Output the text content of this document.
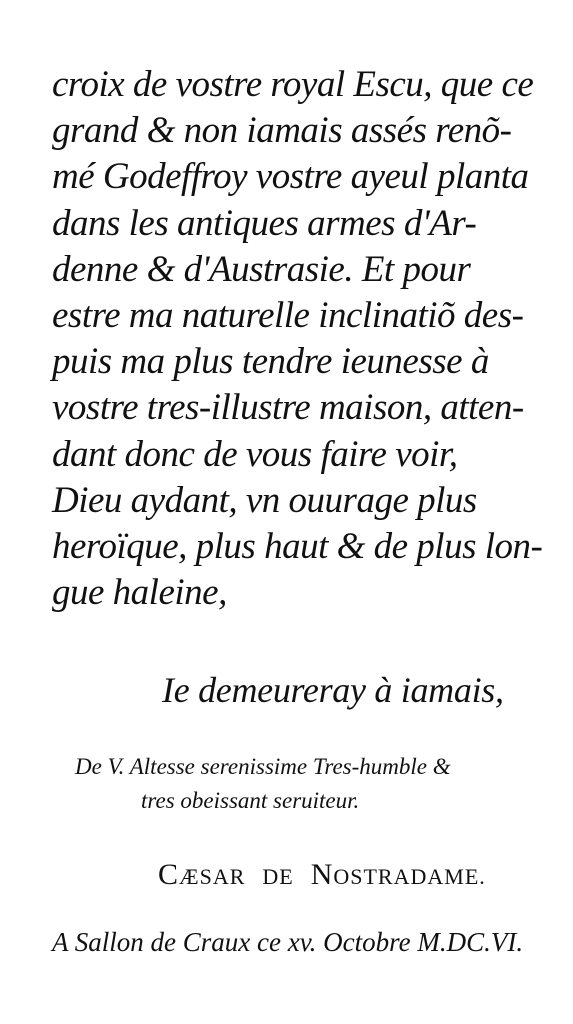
croix de vostre royal Escu, que ce
grand & non iamais assés renõ-
mé Godeffroy vostre ayeul planta
dans les antiques armes d'Ar-
denne & d'Austrasie. Et pour
estre ma naturelle inclinatiõ des-
puis ma plus tendre ieunesse à
vostre tres-illustre maison, atten-
dant donc de vous faire voir,
Dieu aydant, vn ouurage plus
heroïque, plus haut & de plus lon-
gue haleine,

Ie demeureray à iamais,

De V. Altesse serenissime Tres-humble &
tres obeissant seruiteur.

CÆSAR DE NOSTRADAME.

A Sallon de Craux ce xv. Octobre M.DC.VI.
